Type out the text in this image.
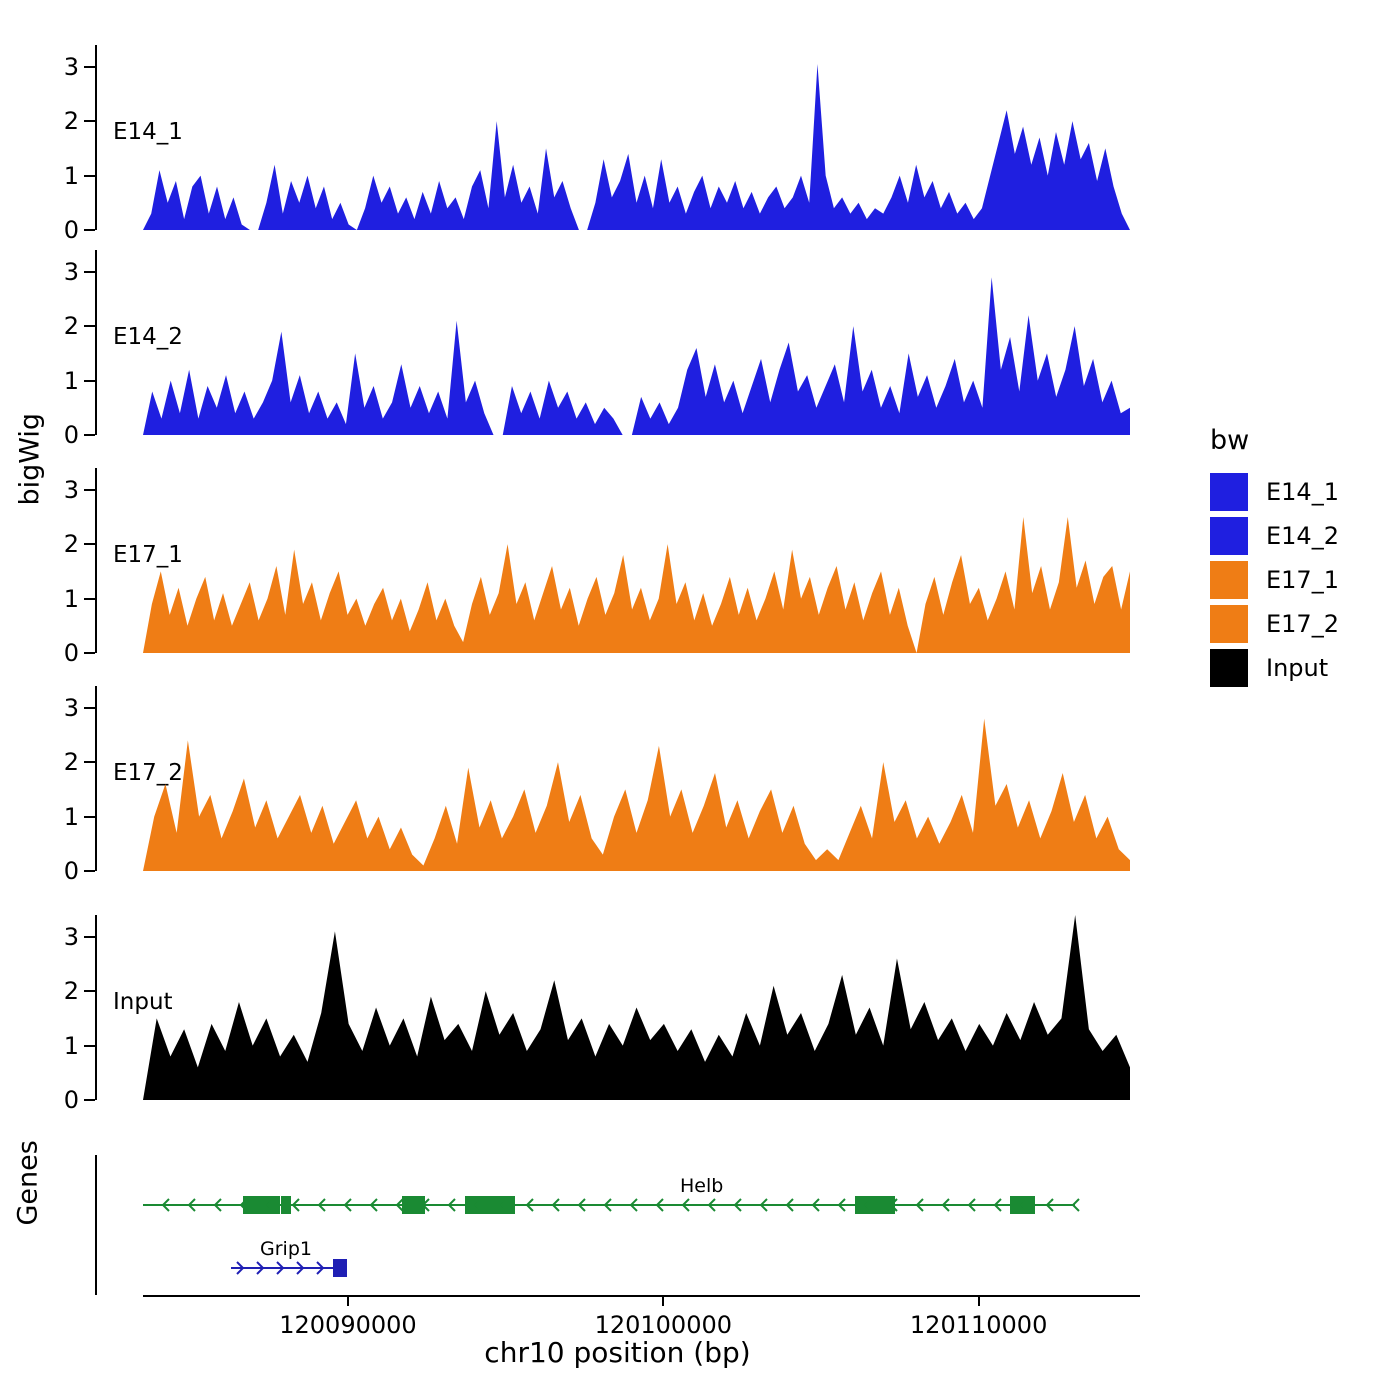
bigWig
Genes
0
1
2
3
E14_1
0
1
2
3
E14_2
0
1
2
3
E17_1
0
1
2
3
E17_2
0
1
2
3
Input
Helb
Grip1
120090000	120100000	120110000
chr10 position (bp)
bw
E14_1
E14_2
E17_1
E17_2
Input
